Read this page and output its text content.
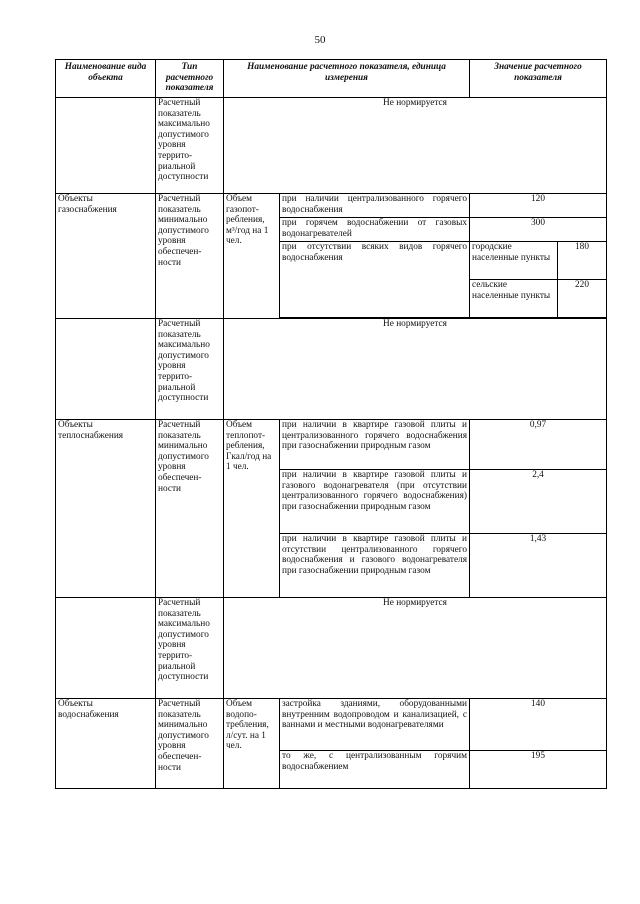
50
Наименование вида объекта	Тип расчетного показателя	Наименование расчетного показателя, единица измерения		Значение расчетного показателя	
	Расчетный показатель максимально допустимого уровня террито-риальной доступности	Не нормируется			
Объекты газоснабжения	Расчетный показатель минимально допустимого уровня обеспечен-ности	Объем газопот-ребления, м³/год на 1 чел.	при наличии централизованного горячего водоснабжения	120	
			при горячем водоснабжении от газовых водонагревателей	300	
			при отсутствии всяких видов горячего водоснабжения	городские населенные пункты	180
				сельские населенные пункты	220

	Расчетный показатель максимально допустимого уровня террито-риальной доступности	Не нормируется			
Объекты теплоснабжения	Расчетный показатель минимально допустимого уровня обеспечен-ности	Объем теплопот-ребления, Гкал/год на 1 чел.	при наличии в квартире газовой плиты и централизованного горячего водоснабжения при газоснабжении природным газом	0,97	
			при наличии в квартире газовой плиты и газового водонагревателя (при отсутствии централизованного горячего водоснабжения) при газоснабжении природным газом	2,4	
			при наличии в квартире газовой плиты и отсутствии централизованного горячего водоснабжения и газового водонагревателя при газоснабжении природным газом	1,43	
	Расчетный показатель максимально допустимого уровня террито-риальной доступности	Не нормируется			
Объекты водоснабжения	Расчетный показатель минимально допустимого уровня обеспечен-ности	Объем водопо-требления, л/сут. на 1 чел.	застройка зданиями, оборудованными внутренним водопроводом и канализацией, с ваннами и местными водонагревателями	140	
			то же, с централизованным горячим водоснабжением	195	
